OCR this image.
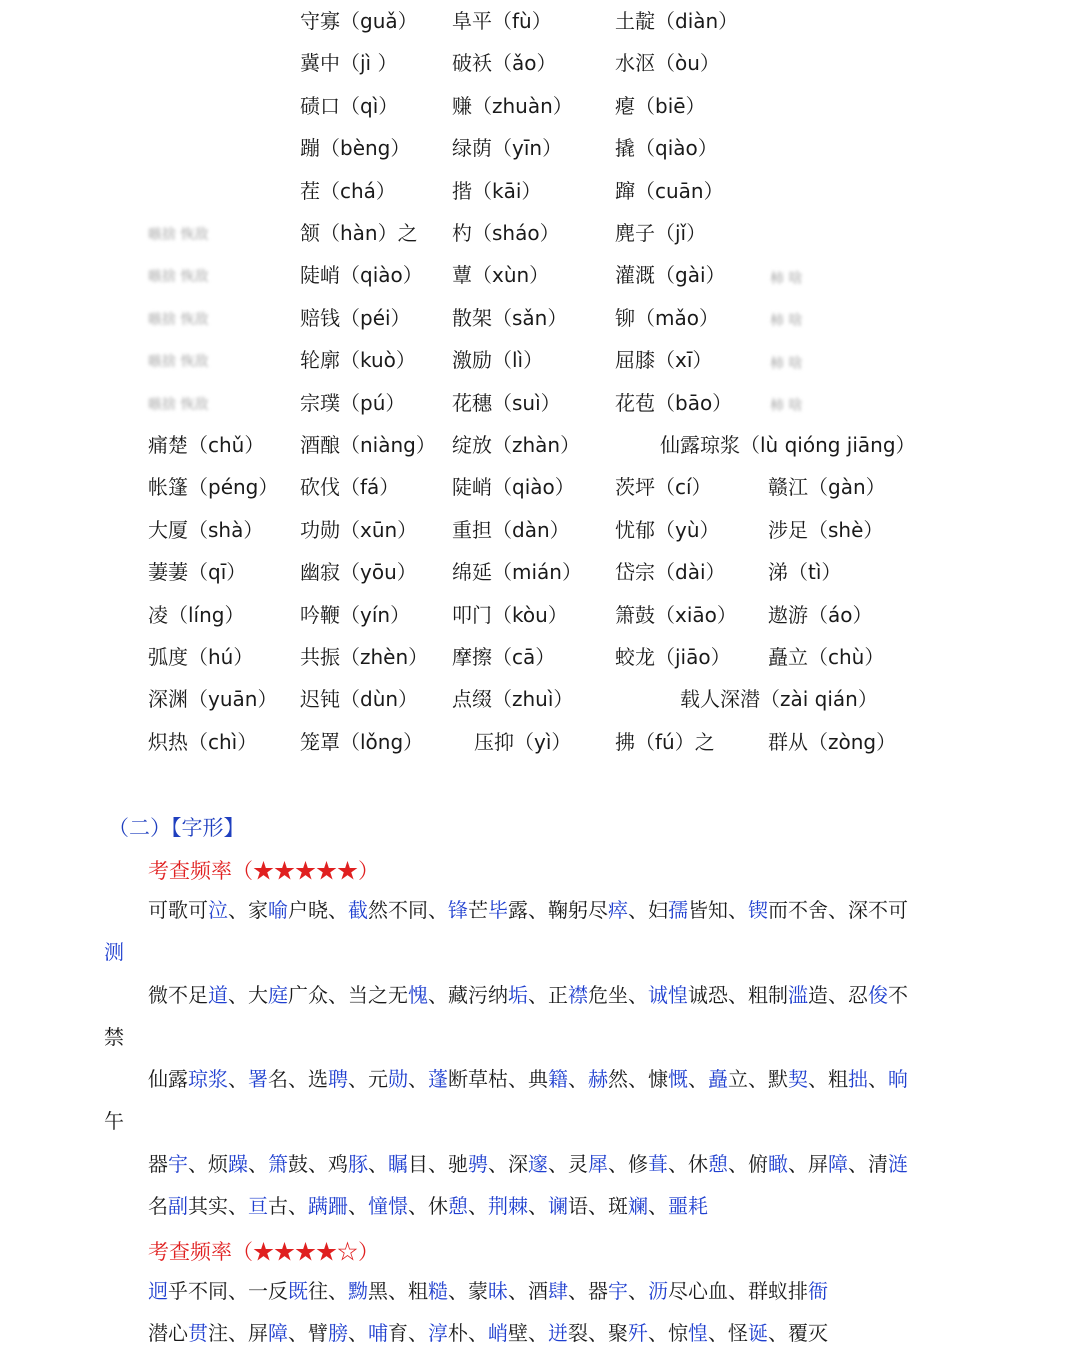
守寡（guǎ） 阜平（fù）	土靛（diàn）
冀中（jì ）	破袄（ǎo）	水沤（òu）
碛口（qì）	赚（zhuàn） 瘪（biē）
蹦（bèng） 绿荫（yīn）	撬（qiào）
茬（chá）	揩（kāi）	蹿（cuān）
颔（hàn）之 杓（sháo）	麂子（jǐ）
陡峭（qiào） 蕈（xùn）	灌溉（gài）
赔钱（péi） 散架（sǎn） 铆（mǎo）
轮廓（kuò） 激励（lì）	屈膝（xī）
宗璞（pú） 花穗（suì）	花苞（bāo）
痛楚（chǔ） 酒酿（niàng） 绽放（zhàn）	仙露琼浆（lù qióng jiāng）
帐篷（péng） 砍伐（fá）	陡峭（qiào） 茨坪（cí）	赣江（gàn）
大厦（shà） 功勋（xūn） 重担（dàn） 忧郁（yù） 涉足（shè）
萋萋（qī）	幽寂（yōu） 绵延（mián） 岱宗（dài） 涕（tì）
凌（líng）	吟鞭（yín） 叩门（kòu） 箫鼓（xiāo） 遨游（áo）
弧度（hú） 共振（zhèn） 摩擦（cā）	蛟龙（jiāo） 矗立（chù）
深渊（yuān） 迟钝（dùn） 点缀（zhuì）	载人深潜（zài qián）
炽热（chì） 笼罩（lǒng）	压抑（yì） 拂（fú）之	群从（zòng）
嗾捨 恢敌
嗾捨 恢敌
嗾捨 恢敌
嗾捨 恢敌
嗾捨 恢敌
柿 啥
柿 啥
柿 啥
柿 啥
（二）【字形】
考查频率（★★★★★）
可歌可泣、家喻户晓、截然不同、锋芒毕露、鞠躬尽瘁、妇孺皆知、锲而不舍、深不可
测
微不足道、大庭广众、当之无愧、藏污纳垢、正襟危坐、诚惶诚恐、粗制滥造、忍俊不
禁
仙露琼浆、署名、选聘、元勋、蓬断草枯、典籍、赫然、慷慨、矗立、默契、粗拙、晌
午
器宇、烦躁、箫鼓、鸡豚、瞩目、驰骋、深邃、灵犀、修葺、休憩、俯瞰、屏障、清涟
名副其实、亘古、蹒跚、憧憬、休憩、荆棘、谰语、斑斓、噩耗
迥乎不同、一反既往、黝黑、粗糙、蒙昧、酒肆、器宇、沥尽心血、群蚁排衙
潜心贯注、屏障、臂膀、哺育、淳朴、峭壁、迸裂、聚歼、惊惶、怪诞、覆灭
考查频率（★★★★☆）
